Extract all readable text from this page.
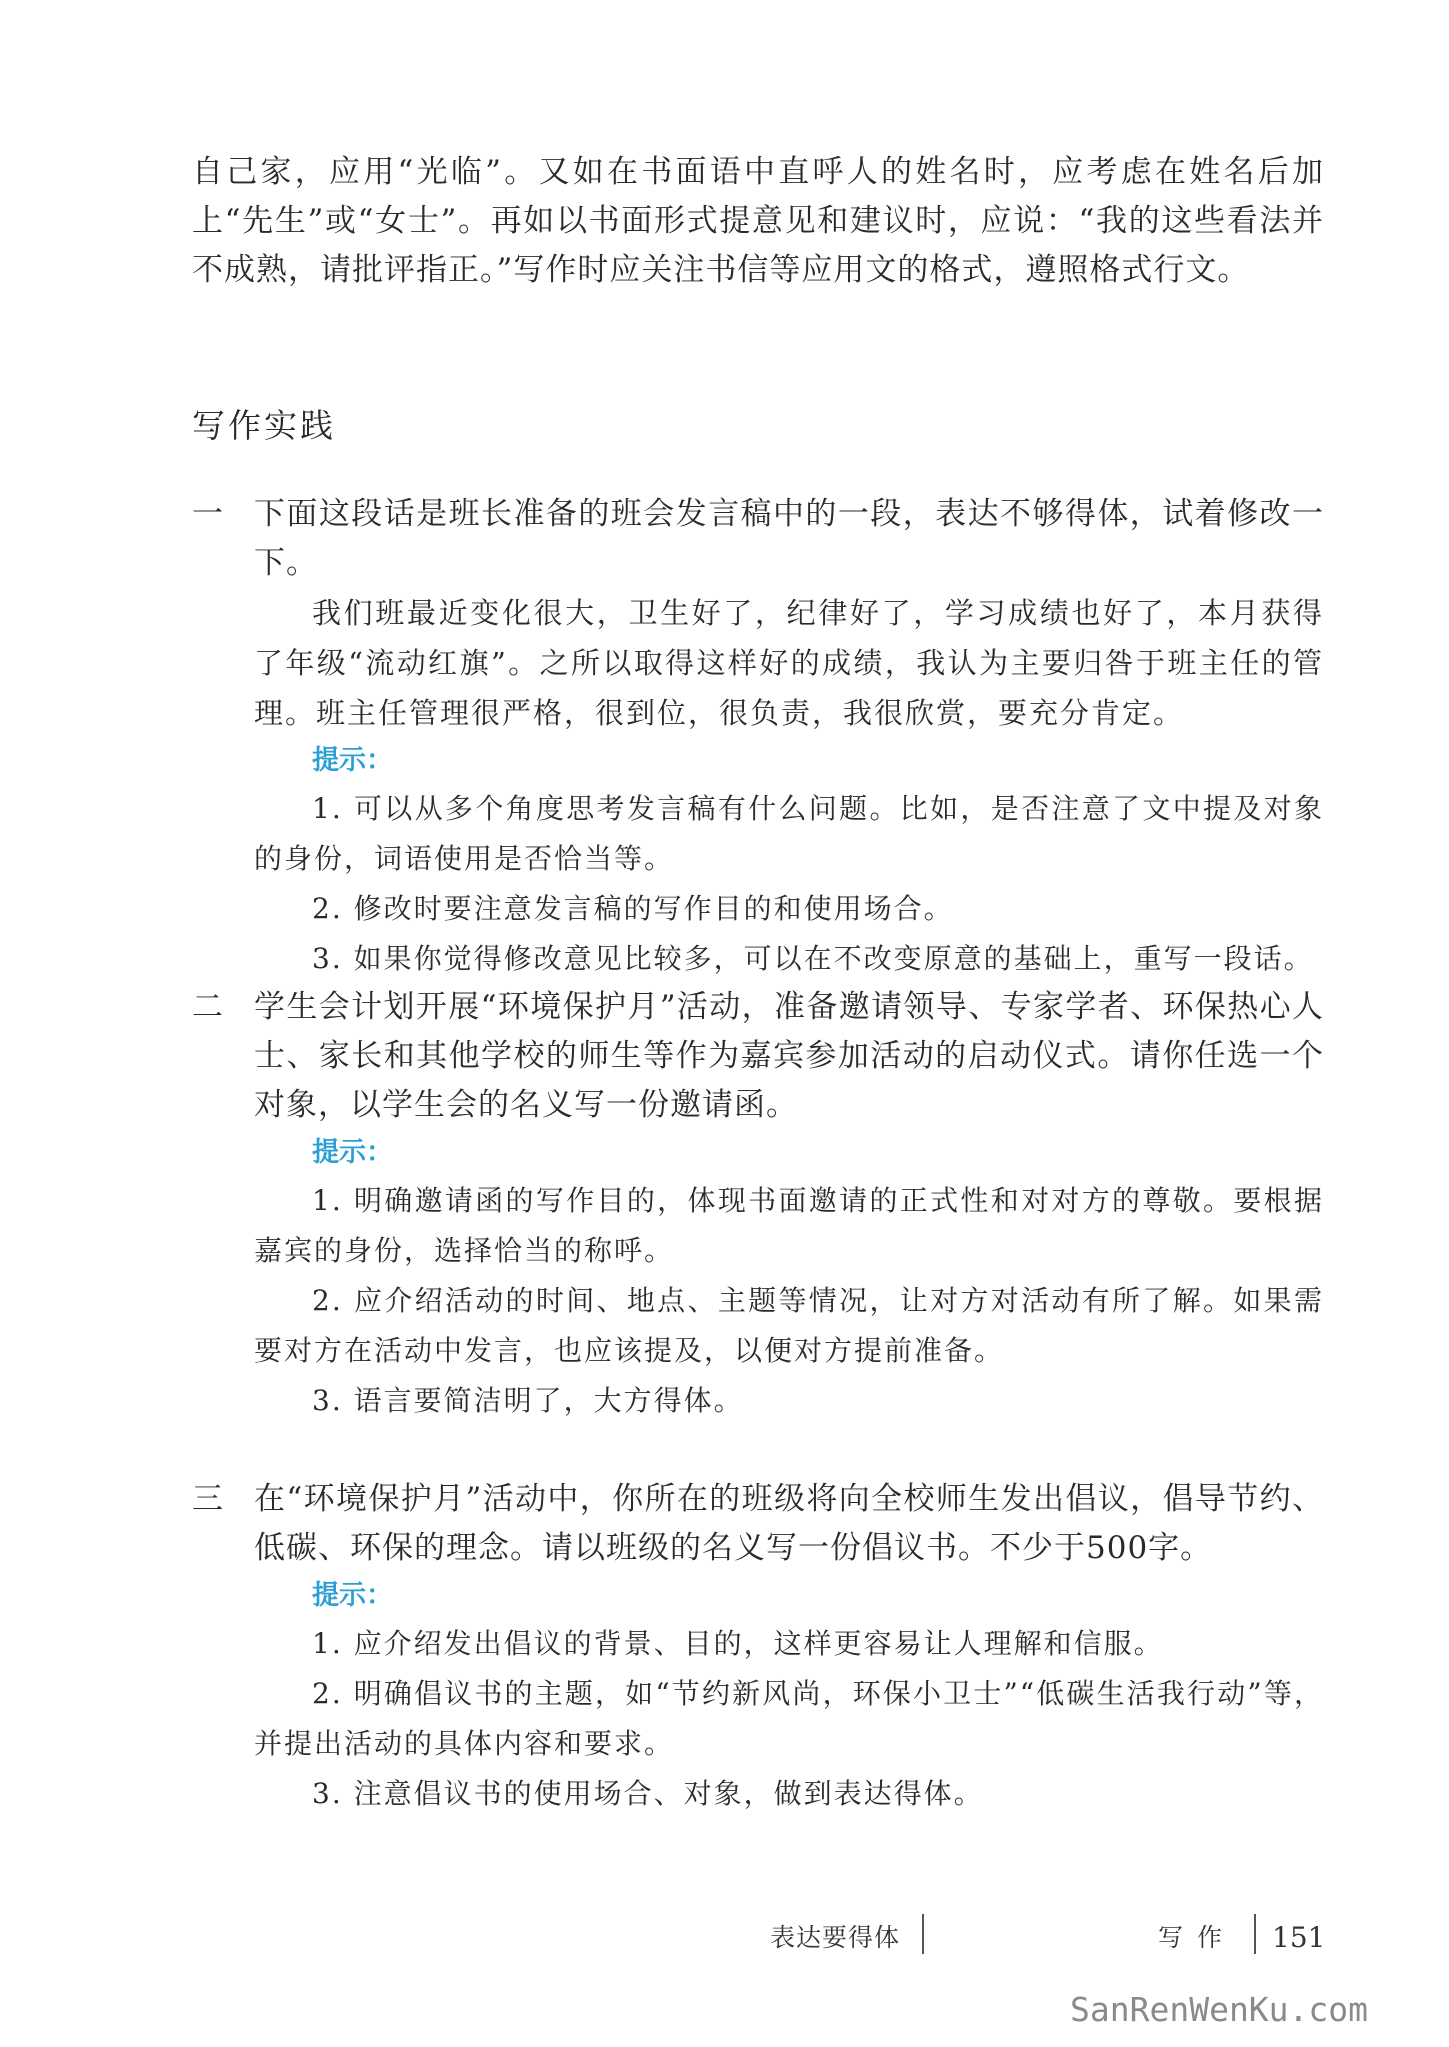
自己家，应用“光临”。又如在书面语中直呼人的姓名时，应考虑在姓名后加上“先生”或“女士”。再如以书面形式提意见和建议时，应说：“我的这些看法并不成熟，请批评指正。”写作时应关注书信等应用文的格式，遵照格式行文。

写作实践
一 下面这段话是班长准备的班会发言稿中的一段，表达不够得体，试着修改一下。
我们班最近变化很大，卫生好了，纪律好了，学习成绩也好了，本月获得了年级“流动红旗”。之所以取得这样好的成绩，我认为主要归咎于班主任的管理。班主任管理很严格，很到位，很负责，我很欣赏，要充分肯定。
提示：
1. 可以从多个角度思考发言稿有什么问题。比如，是否注意了文中提及对象的身份，词语使用是否恰当等。
2. 修改时要注意发言稿的写作目的和使用场合。
3. 如果你觉得修改意见比较多，可以在不改变原意的基础上，重写一段话。
二 学生会计划开展“环境保护月”活动，准备邀请领导、专家学者、环保热心人士、家长和其他学校的师生等作为嘉宾参加活动的启动仪式。请你任选一个对象，以学生会的名义写一份邀请函。
提示：
1. 明确邀请函的写作目的，体现书面邀请的正式性和对对方的尊敬。要根据嘉宾的身份，选择恰当的称呼。
2. 应介绍活动的时间、地点、主题等情况，让对方对活动有所了解。如果需要对方在活动中发言，也应该提及，以便对方提前准备。
3. 语言要简洁明了，大方得体。
三 在“环境保护月”活动中，你所在的班级将向全校师生发出倡议，倡导节约、低碳、环保的理念。请以班级的名义写一份倡议书。不少于500字。
提示：
1. 应介绍发出倡议的背景、目的，这样更容易让人理解和信服。
2. 明确倡议书的主题，如“节约新风尚，环保小卫士”“低碳生活我行动”等，并提出活动的具体内容和要求。
3. 注意倡议书的使用场合、对象，做到表达得体。
表达要得体	写作 151
SanRenWenKu.com
